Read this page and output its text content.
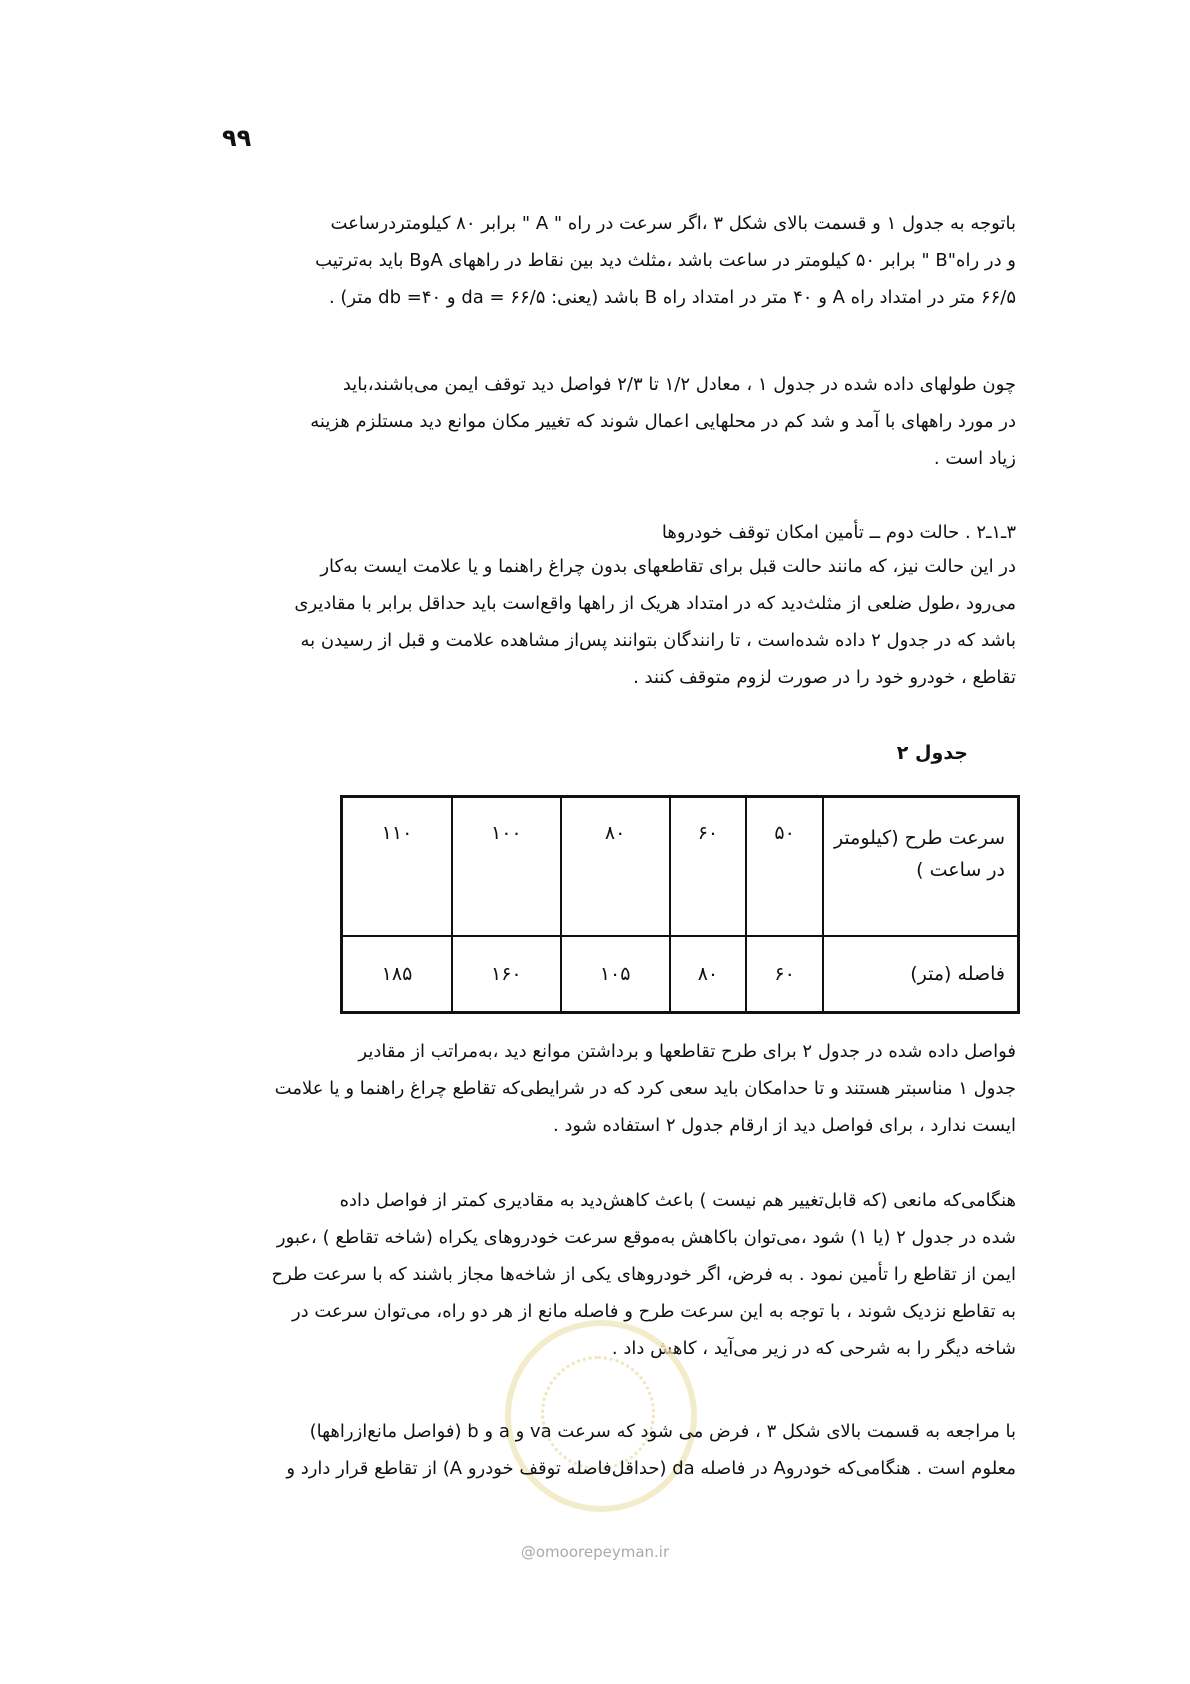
۹۹
باتوجه به جدول ۱ و قسمت بالای شکل ۳ ،اگر سرعت در راه " A " برابر ۸۰ کیلومتردرساعت
و در راه"B " برابر ۵۰ کیلومتر در ساعت باشد ،مثلث دید بین نقاط در راههای AوB باید به‌ترتیب
۶۶/۵ متر در امتداد راه A و ۴۰ متر در امتداد راه B باشد (یعنی: da = ۶۶/۵ و db =۴۰ متر) .
چون طولهای داده شده در جدول ۱ ، معادل ۱/۲ تا ۲/۳ فواصل دید توقف ایمن می‌باشند،باید
در مورد راههای با آمد و شد کم در محلهایی اعمال شوند که تغییر مکان موانع دید مستلزم هزینه
زیاد است .
۳ـ۱ـ۲ . حالت دوم ــ تأمین امکان توقف خودروها
در این حالت نیز، که مانند حالت قبل برای تقاطعهای بدون چراغ راهنما و یا علامت ایست به‌کار
می‌رود ،طول ضلعی از مثلث‌دید که در امتداد هریک از راهها واقع‌است باید حداقل برابر با مقادیری
باشد که در جدول ۲ داده شده‌است ، تا رانندگان بتوانند پس‌از مشاهده علامت و قبل از رسیدن به
تقاطع ، خودرو خود را در صورت لزوم متوقف کنند .
جدول ۲
سرعت طرح (کیلومتر
در ساعت )	۵۰	۶۰	۸۰	۱۰۰	۱۱۰

فاصله (متر)	۶۰	۸۰	۱۰۵	۱۶۰	۱۸۵
فواصل داده شده در جدول ۲ برای طرح تقاطعها و برداشتن موانع دید ،به‌مراتب از مقادیر
جدول ۱ مناسبتر هستند و تا حدامکان باید سعی کرد که در شرایطی‌که تقاطع چراغ راهنما و یا علامت
ایست ندارد ، برای فواصل دید از ارقام جدول ۲ استفاده شود .
هنگامی‌که مانعی (که قابل‌تغییر هم نیست ) باعث کاهش‌دید به مقادیری کمتر از فواصل داده
شده در جدول ۲ (یا ۱) شود ،می‌توان باکاهش به‌موقع سرعت خودروهای یکراه (شاخه تقاطع ) ،عبور
ایمن از تقاطع را تأمین نمود . به فرض، اگر خودروهای یکی از شاخه‌ها مجاز باشند که با سرعت طرح
به تقاطع نزدیک شوند ، با توجه به این سرعت طرح و فاصله مانع از هر دو راه، می‌توان سرعت در
شاخه دیگر را به شرحی که در زیر می‌آید ، کاهش داد .
با مراجعه به قسمت بالای شکل ۳ ، فرض می شود که سرعت va و a و b (فواصل مانع‌ازراهها)
معلوم است . هنگامی‌که خودروA در فاصله da (حداقل‌فاصله توقف خودرو A) از تقاطع قرار دارد و
@omoorepeyman.ir
